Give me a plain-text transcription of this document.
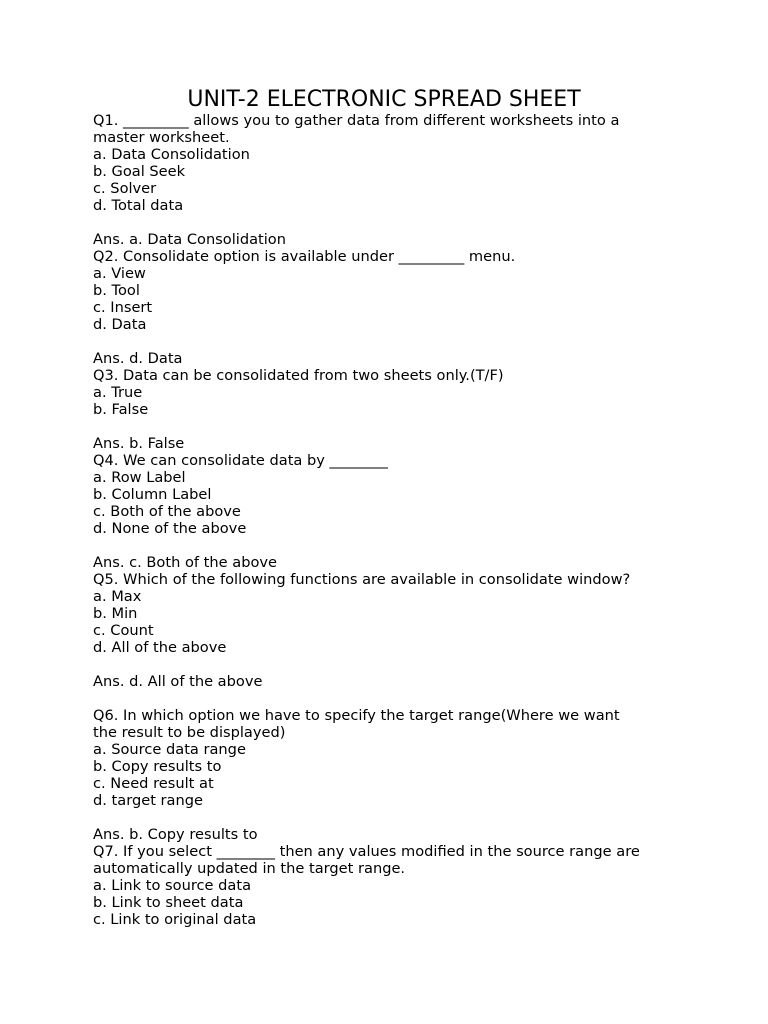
UNIT-2 ELECTRONIC SPREAD SHEET
Q1. _________ allows you to gather data from different worksheets into a
master worksheet.
a. Data Consolidation
b. Goal Seek
c. Solver
d. Total data
Ans. a. Data Consolidation
Q2. Consolidate option is available under _________ menu.
a. View
b. Tool
c. Insert
d. Data
Ans. d. Data
Q3. Data can be consolidated from two sheets only.(T/F)
a. True
b. False
Ans. b. False
Q4. We can consolidate data by ________
a. Row Label
b. Column Label
c. Both of the above
d. None of the above
Ans. c. Both of the above
Q5. Which of the following functions are available in consolidate window?
a. Max
b. Min
c. Count
d. All of the above
Ans. d. All of the above
Q6. In which option we have to specify the target range(Where we want
the result to be displayed)
a. Source data range
b. Copy results to
c. Need result at
d. target range
Ans. b. Copy results to
Q7. If you select ________ then any values modified in the source range are
automatically updated in the target range.
a. Link to source data
b. Link to sheet data
c. Link to original data
